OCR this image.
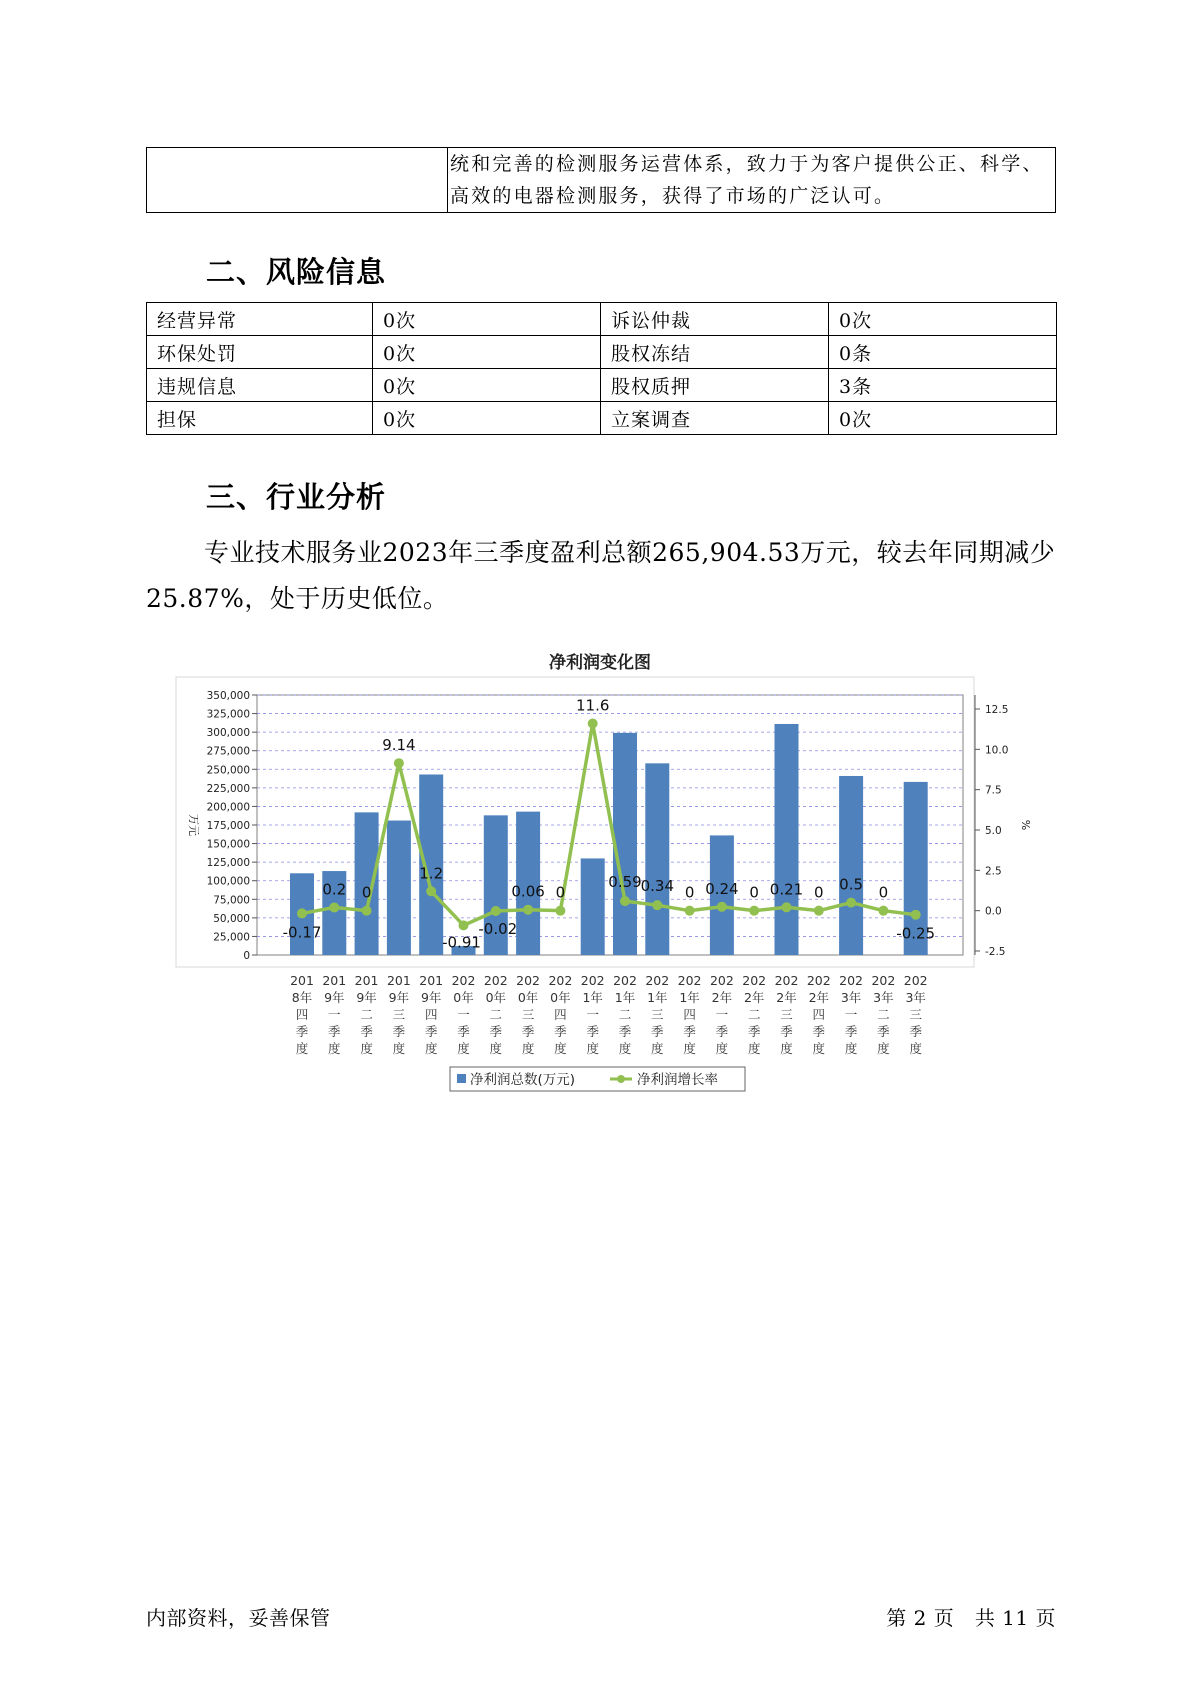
	统和完善的检测服务运营体系，致力于为客户提供公正、科学、高效的电器检测服务，获得了市场的广泛认可。
二、风险信息
经营异常	0次	诉讼仲裁	0次
环保处罚	0次	股权冻结	0条
违规信息	0次	股权质押	3条
担保	0次	立案调查	0次
三、行业分析
专业技术服务业2023年三季度盈利总额265,904.53万元，较去年同期减少25.87%，处于历史低位。
净利润变化图
0
25,000
50,000
75,000
100,000
125,000
150,000
175,000
200,000
225,000
250,000
275,000
300,000
325,000
350,000
-2.5
0.0
2.5
5.0
7.5
10.0
12.5
万元	%
201
8年
四
季
度
201
9年
一
季
度
201
9年
二
季
度
201
9年
三
季
度
201
9年
四
季
度
202
0年
一
季
度
202
0年
二
季
度
202
0年
三
季
度
202
0年
四
季
度
202
1年
一
季
度
202
1年
二
季
度
202
1年
三
季
度
202
1年
四
季
度
202
2年
一
季
度
202
2年
二
季
度
202
2年
三
季
度
202
2年
四
季
度
202
3年
一
季
度
202
3年
二
季
度
202
3年
三
季
度
-0.17
0.2 0
9.14
1.2
-0.91
-0.02
0.06 0
11.6
0.59
0.34 0 0.24 0 0.21 0 0.5 0
-0.25
净利润总数(万元)	净利润增长率
内部资料，妥善保管	第 2 页   共 11 页
